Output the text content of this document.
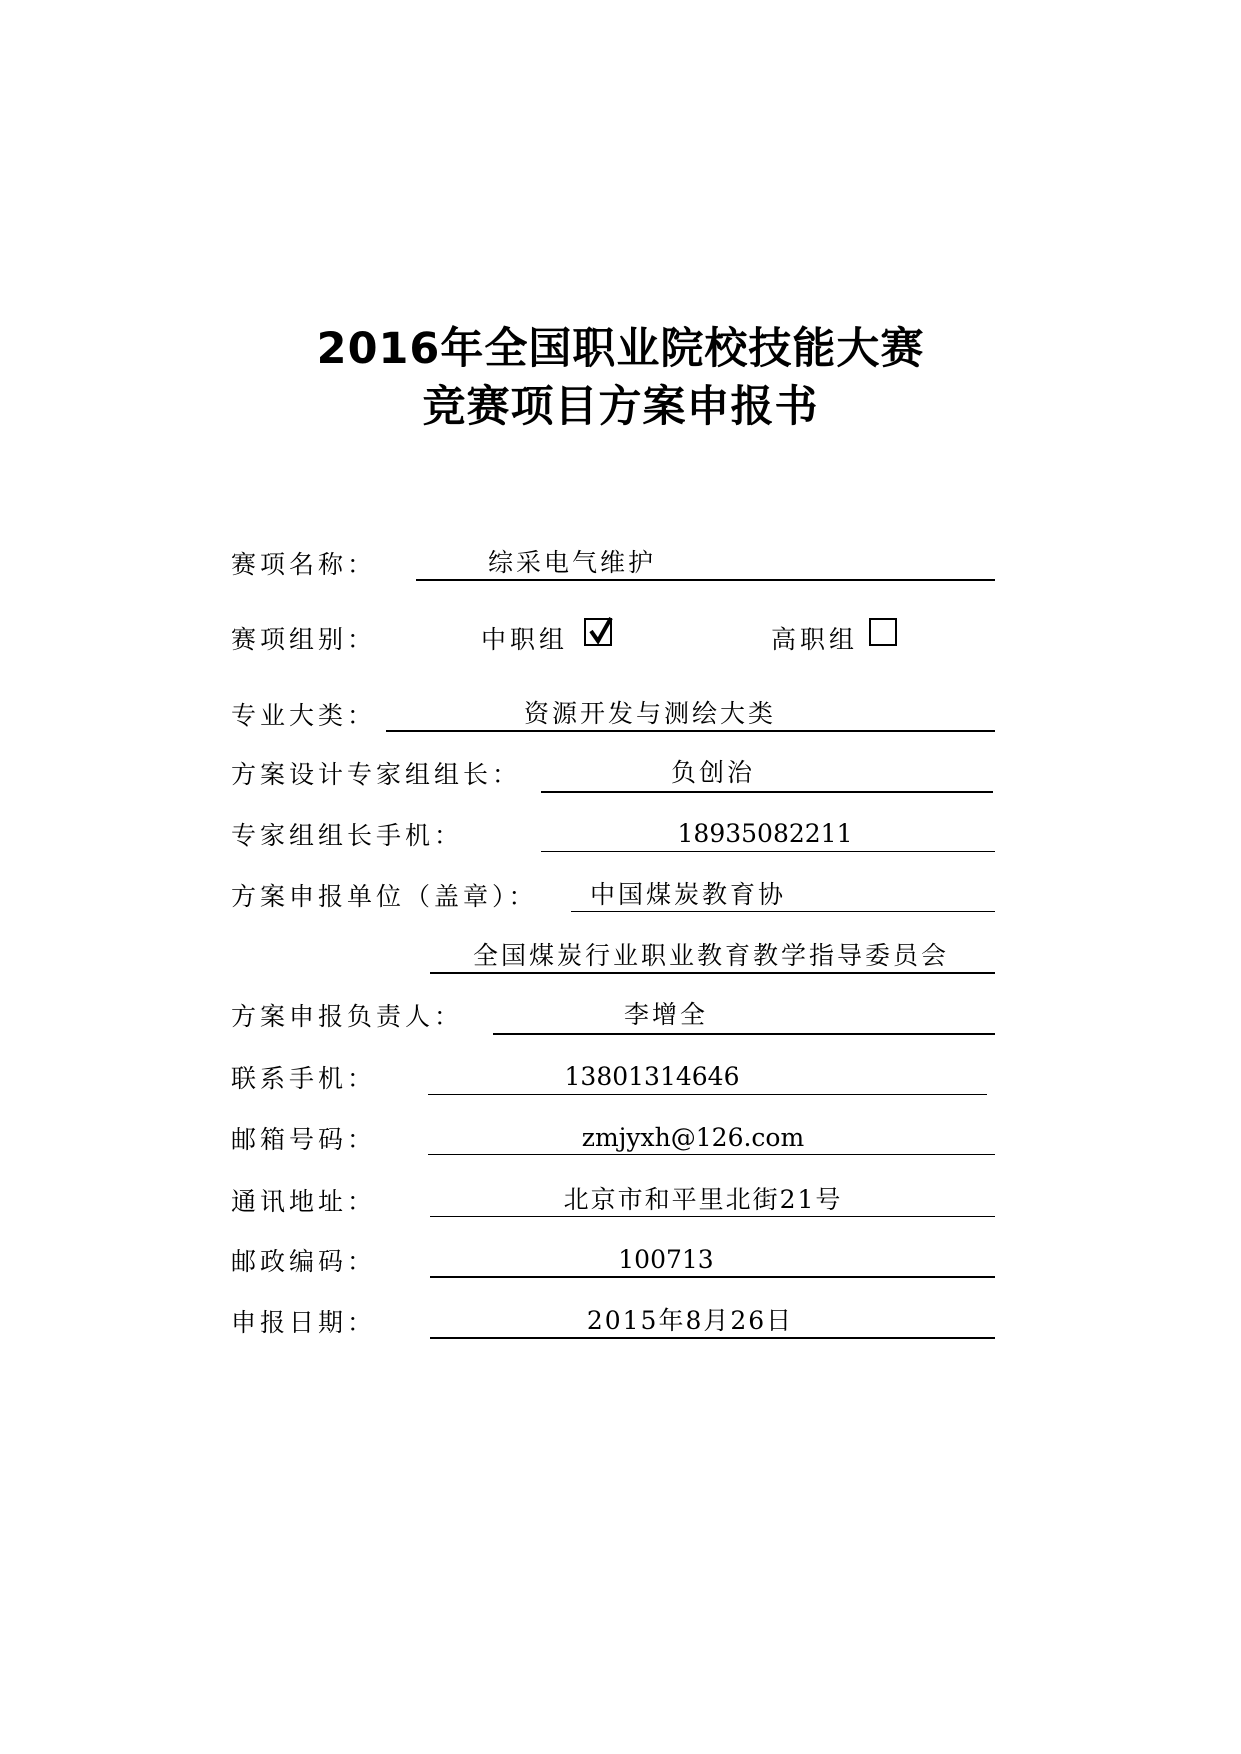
2016年全国职业院校技能大赛
竞赛项目方案申报书
赛项名称：	综采电气维护
赛项组别：	中职组	高职组
专业大类：	资源开发与测绘大类
方案设计专家组组长：	负创治
专家组组长手机：	18935082211
方案申报单位（盖章）： 中国煤炭教育协
全国煤炭行业职业教育教学指导委员会
方案申报负责人：	李增全
联系手机：	13801314646
邮箱号码：	zmjyxh@126.com
通讯地址：	北京市和平里北街21号
邮政编码：	100713
申报日期：	2015年8月26日
